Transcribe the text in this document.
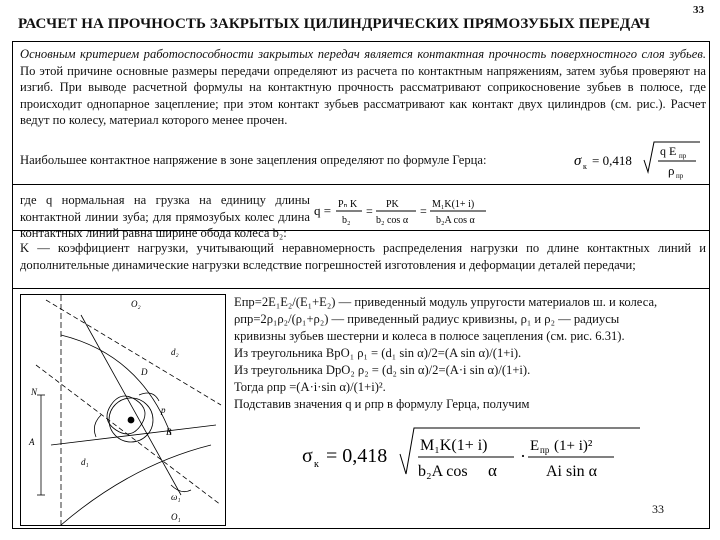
33
РАСЧЕТ НА ПРОЧНОСТЬ ЗАКРЫТЫХ ЦИЛИНДРИЧЕСКИХ ПРЯМОЗУБЫХ ПЕРЕДАЧ
Основным критерием работоспособности закрытых передач является контактная прочность поверхностного слоя зубьев. По этой причине основные размеры передачи определяют из расчета по контактным напряжениям, затем зубья проверяют на изгиб. При выводе расчетной формулы на контактную прочность рассматривают соприкосновение зубьев в полюсе, где происходит однопарное зацепление; при этом контакт зубьев рассматривают как контакт двух цилиндров (см. рис.). Расчет ведут по колесу, материал которого менее прочен.
Наибольшее контактное напряжение в зоне зацепления определяют по формуле Герца:	σ к = 0,418
q E пр
ρ пр
где q нормальная на грузка на единицу длины контактной линии зуба; для прямозубых колес длина контактных линий равна ширине обода колеса b₂:
q = Pₙ K
b₂
= PK
b₂ cos α
= M₁K(1+ i)
b₂A cos α
K — коэффициент нагрузки, учитывающий неравномерность распределения нагрузки по длине контактных линий и дополнительные динамические нагрузки вследствие погрешностей изготовления и деформации деталей передачи;
O₂
d₂
D
N
A
p
B
d₁
ω₁
O₁
Eпр=2E₁E₂/(E₁+E₂) — приведенный модуль упругости материалов ш. и колеса,
ρпр=2ρ₁ρ₂/(ρ₁+ρ₂) — приведенный радиус кривизны, ρ₁ и ρ₂ — радиусы
кривизны зубьев шестерни и колеса в полюсе зацепления (см. рис. 6.31).
Из треугольника BpO₁ ρ₁ = (d₁ sin α)/2=(A sin α)/(1+i).
Из треугольника DpO₂ ρ₂ = (d₂ sin α)/2=(A·i sin α)/(1+i).
Тогда ρпр =(A·i·sin α)/(1+i)².
Подставив значения q и ρпр в формулу Герца, получим
σ к = 0,418 M₁K(1+ i)
b₂A cos α
· E пр (1+ i)²
Ai sin α
33
